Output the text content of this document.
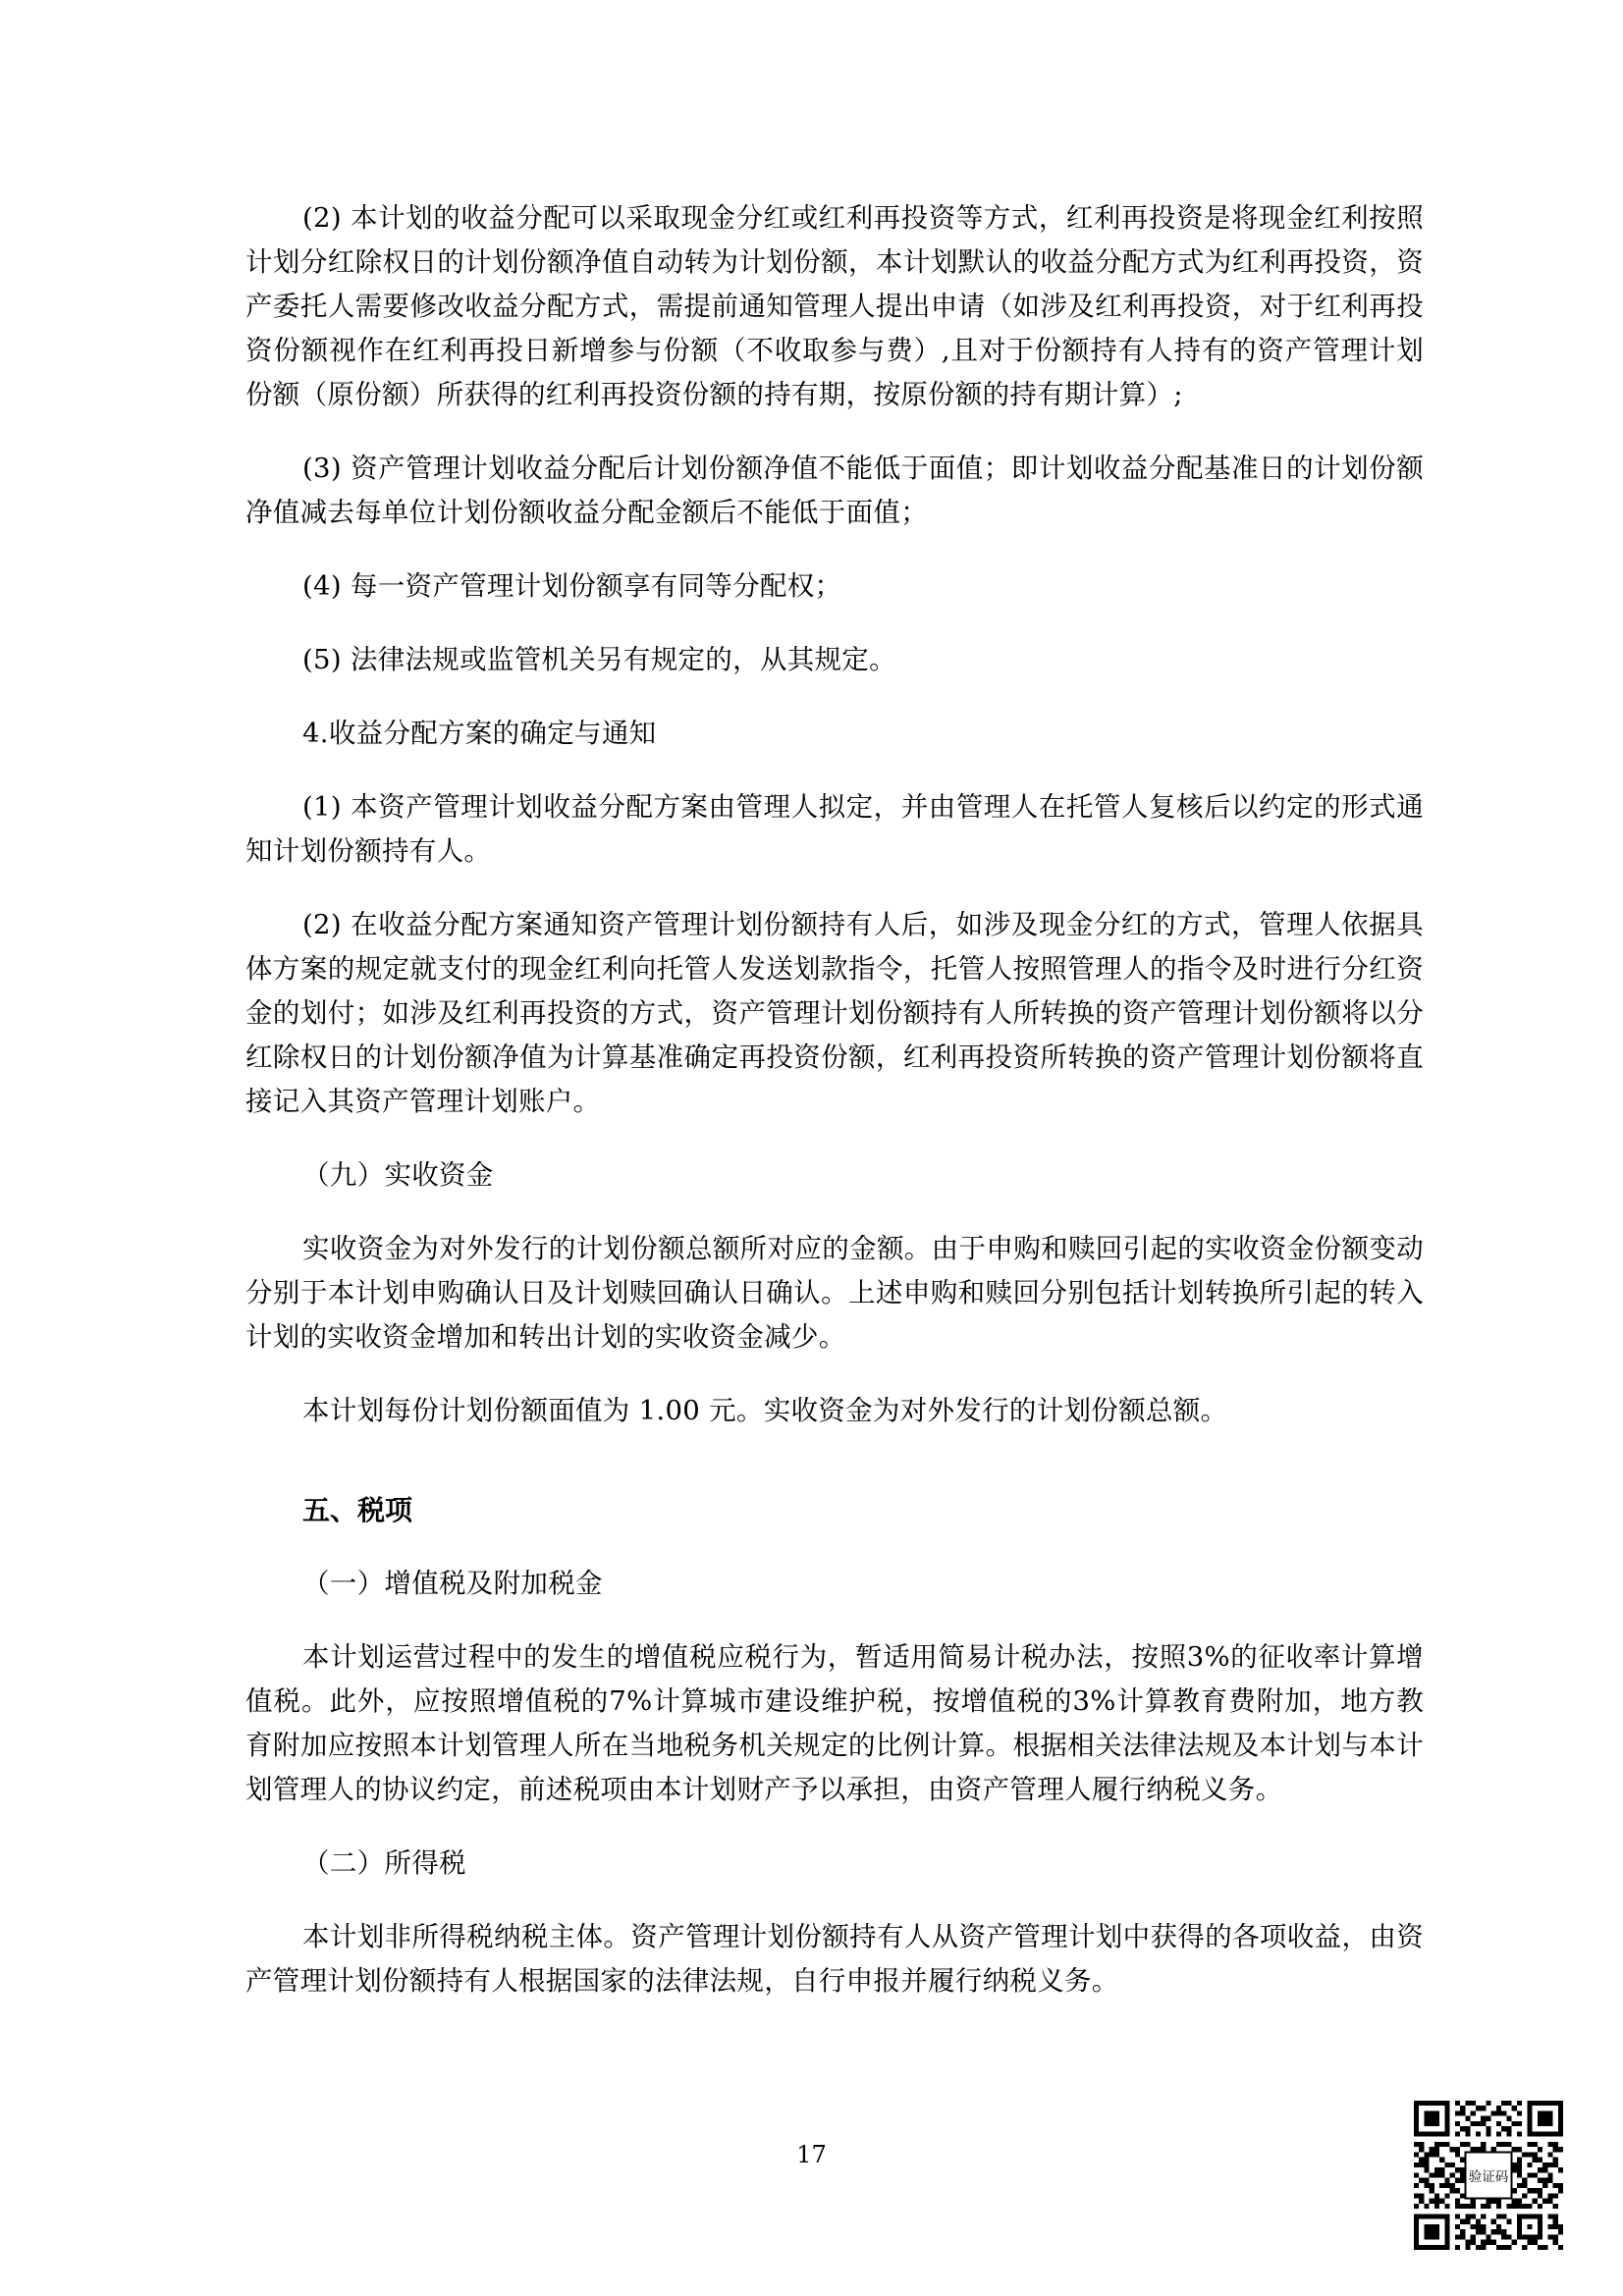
(2) 本计划的收益分配可以采取现金分红或红利再投资等方式，红利再投资是将现金红利按照计划分红除权日的计划份额净值自动转为计划份额，本计划默认的收益分配方式为红利再投资，资产委托人需要修改收益分配方式，需提前通知管理人提出申请（如涉及红利再投资，对于红利再投资份额视作在红利再投日新增参与份额（不收取参与费）,且对于份额持有人持有的资产管理计划份额（原份额）所获得的红利再投资份额的持有期，按原份额的持有期计算）;

(3) 资产管理计划收益分配后计划份额净值不能低于面值；即计划收益分配基准日的计划份额净值减去每单位计划份额收益分配金额后不能低于面值；

(4) 每一资产管理计划份额享有同等分配权；

(5) 法律法规或监管机关另有规定的，从其规定。

4.收益分配方案的确定与通知

(1) 本资产管理计划收益分配方案由管理人拟定，并由管理人在托管人复核后以约定的形式通知计划份额持有人。

(2) 在收益分配方案通知资产管理计划份额持有人后，如涉及现金分红的方式，管理人依据具体方案的规定就支付的现金红利向托管人发送划款指令，托管人按照管理人的指令及时进行分红资金的划付；如涉及红利再投资的方式，资产管理计划份额持有人所转换的资产管理计划份额将以分红除权日的计划份额净值为计算基准确定再投资份额，红利再投资所转换的资产管理计划份额将直接记入其资产管理计划账户。

（九）实收资金

实收资金为对外发行的计划份额总额所对应的金额。由于申购和赎回引起的实收资金份额变动分别于本计划申购确认日及计划赎回确认日确认。上述申购和赎回分别包括计划转换所引起的转入计划的实收资金增加和转出计划的实收资金减少。

本计划每份计划份额面值为 1.00 元。实收资金为对外发行的计划份额总额。

五、税项

（一）增值税及附加税金

本计划运营过程中的发生的增值税应税行为，暂适用简易计税办法，按照3%的征收率计算增值税。此外，应按照增值税的7%计算城市建设维护税，按增值税的3%计算教育费附加，地方教育附加应按照本计划管理人所在当地税务机关规定的比例计算。根据相关法律法规及本计划与本计划管理人的协议约定，前述税项由本计划财产予以承担，由资产管理人履行纳税义务。

（二）所得税

本计划非所得税纳税主体。资产管理计划份额持有人从资产管理计划中获得的各项收益，由资产管理计划份额持有人根据国家的法律法规，自行申报并履行纳税义务。

17
验证码
